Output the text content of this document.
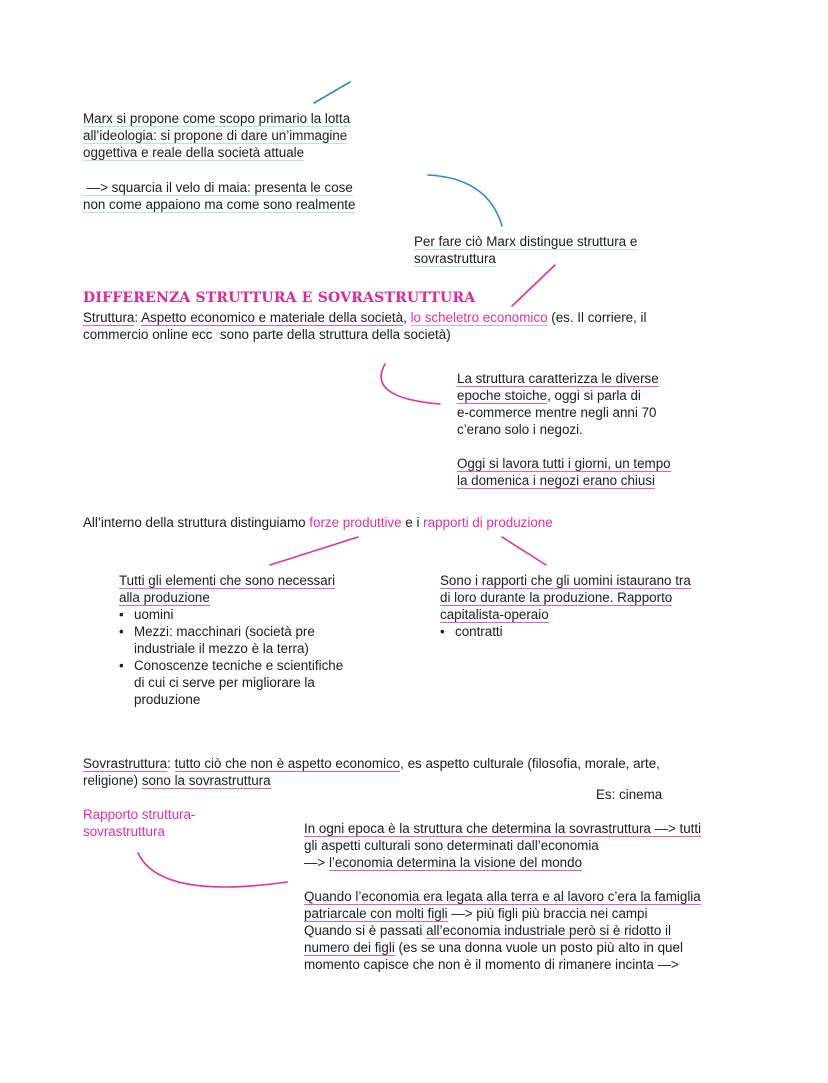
Marx si propone come scopo primario la lotta
all’ideologia: si propone di dare un’immagine
oggettiva e reale della società attuale
—> squarcia il velo di maia: presenta le cose
non come appaiono ma come sono realmente
Per fare ciò Marx distingue struttura e
sovrastruttura
DIFFERENZA STRUTTURA E SOVRASTRUTTURA
Struttura: Aspetto economico e materiale della società, lo scheletro economico (es. Il corriere, il
commercio online ecc  sono parte della struttura della società)
La struttura caratterizza le diverse
epoche stoiche, oggi si parla di
e-commerce mentre negli anni 70
c’erano solo i negozi.
Oggi si lavora tutti i giorni, un tempo
la domenica i negozi erano chiusi
All’interno della struttura distinguiamo forze produttive e i rapporti di produzione
Tutti gli elementi che sono necessari
alla produzione
• uomini
• Mezzi: macchinari (società pre
industriale il mezzo è la terra)
• Conoscenze tecniche e scientifiche
di cui ci serve per migliorare la
produzione
Sono i rapporti che gli uomini istaurano tra
di loro durante la produzione. Rapporto
capitalista-operaio
• contratti
Sovrastruttura: tutto ciò che non è aspetto economico, es aspetto culturale (filosofia, morale, arte,
religione) sono la sovrastruttura
Es: cinema
Rapporto struttura-
sovrastruttura	In ogni epoca è la struttura che determina la sovrastruttura —> tutti
gli aspetti culturali sono determinati dall’economia
—> l’economia determina la visione del mondo
Quando l’economia era legata alla terra e al lavoro c’era la famiglia
patriarcale con molti figli —> più figli più braccia nei campi
Quando si è passati all’economia industriale però si è ridotto il
numero dei figli (es se una donna vuole un posto più alto in quel
momento capisce che non è il momento di rimanere incinta —>
